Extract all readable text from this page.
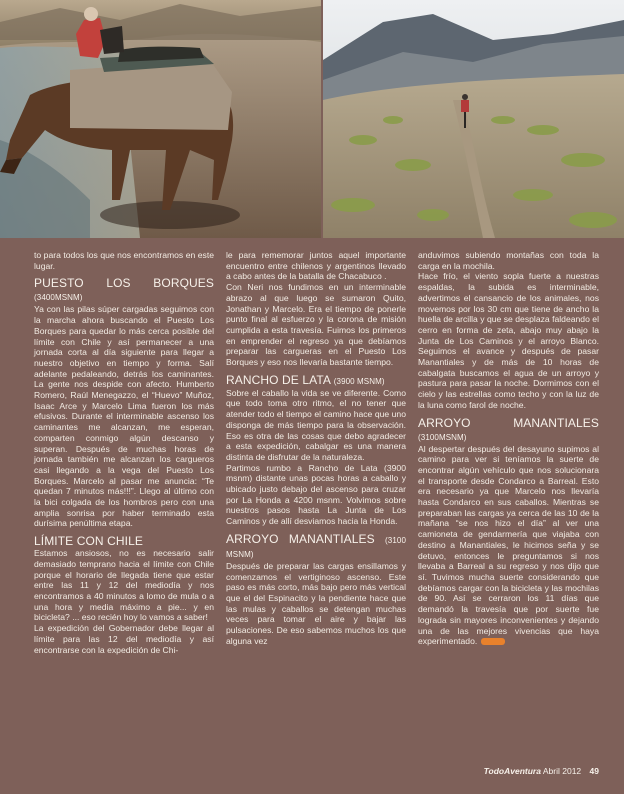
to para todos los que nos encontramos en este lugar.

PUESTO LOS BORQUES (3400MSNM)

Ya con las pilas súper cargadas seguimos con la marcha ahora buscando el Puesto Los Borques para quedar lo más cerca posible del límite con Chile y así permanecer a una jornada corta al día siguiente para llegar a nuestro objetivo en tiempo y forma. Salí adelante pedaleando, detrás los caminantes. La gente nos despide con afecto. Humberto Romero, Raúl Menegazzo, el “Huevo” Muñoz, Isaac Arce y Marcelo Lima fueron los más efusivos. Durante el interminable ascenso los caminantes me alcanzan, me esperan, comparten conmigo algún descanso y superan. Después de muchas horas de jornada también me alcanzan los cargueros casi llegando a la vega del Puesto Los Borques. Marcelo al pasar me anuncia: “Te quedan 7 minutos más!!!”. Llego al último con la bici colgada de los hombros pero con una amplia sonrisa por haber terminado esta durísima penúltima etapa.

LÍMITE CON CHILE

Estamos ansiosos, no es necesario salir demasiado temprano hacia el límite con Chile porque el horario de llegada tiene que estar entre las 11 y 12 del mediodía y nos encontramos a 40 minutos a lomo de mula o a una hora y media máximo a pie... y en bicicleta? ... eso recién hoy lo vamos a saber!

La expedición del Gobernador debe llegar al límite para las 12 del mediodía y así encontrarse con la expedición de Chi-

le para rememorar juntos aquel importante encuentro entre chilenos y argentinos llevado a cabo antes de la batalla de Chacabuco .

Con Neri nos fundimos en un interminable abrazo al que luego se sumaron Quito, Jonathan y Marcelo. Era el tiempo de ponerle punto final al esfuerzo y la corona de misión cumplida a esta travesía. Fuimos los primeros en emprender el regreso ya que debíamos preparar las cargueras en el Puesto Los Borques y eso nos llevaría bastante tiempo.

RANCHO DE LATA (3900 MSNM)

Sobre el caballo la vida se ve diferente. Como que todo toma otro ritmo, el no tener que atender todo el tiempo el camino hace que uno disponga de más tiempo para la observación. Eso es otra de las cosas que debo agradecer a esta expedición, cabalgar es una manera distinta de disfrutar de la naturaleza.

Partimos rumbo a Rancho de Lata (3900 msnm) distante unas pocas horas a caballo y ubicado justo debajo del ascenso para cruzar por La Honda a 4200 msnm. Volvimos sobre nuestros pasos hasta La Junta de Los Caminos y de allí desviamos hacia la Honda.

ARROYO MANANTIALES (3100 MSNM)

Después de preparar las cargas ensillamos y comenzamos el vertiginoso ascenso. Este paso es más corto, más bajo pero más vertical que el del Espinacito y la pendiente hace que las mulas y caballos se detengan muchas veces para tomar el aire y bajar las pulsaciones. De eso sabemos muchos los que alguna vez

anduvimos subiendo montañas con toda la carga en la mochila.

Hace frío, el viento sopla fuerte a nuestras espaldas, la subida es interminable, advertimos el cansancio de los animales, nos movemos por los 30 cm que tiene de ancho la huella de arcilla y que se desplaza faldeando el cerro en forma de zeta, abajo muy abajo la Junta de Los Caminos y el arroyo Blanco. Seguimos el avance y después de pasar Manantiales y de más de 10 horas de cabalgata buscamos el agua de un arroyo y pastura para pasar la noche. Dormimos con el cielo y las estrellas como techo y con la luz de la luna como farol de noche.

ARROYO MANANTIALES (3100MSNM)

Al despertar después del desayuno supimos al camino para ver si teníamos la suerte de encontrar algún vehículo que nos solucionara el transporte desde Condarco a Barreal. Esto era necesario ya que Marcelo nos llevaría hasta Condarco en sus caballos. Mientras se preparaban las cargas ya cerca de las 10 de la mañana “se nos hizo el día” al ver una camioneta de gendarmería que viajaba con destino a Manantiales, le hicimos seña y se detuvo, entonces le preguntamos si nos llevaba a Barreal a su regreso y nos dijo que sí. Tuvimos mucha suerte considerando que debíamos cargar con la bicicleta y las mochilas de 90. Así se cerraron los 11 días que demandó la travesía que por suerte fue lograda sin mayores inconvenientes y dejando una de las mejores vivencias que haya experimentado.

TodoAventura Abril 2012 49
